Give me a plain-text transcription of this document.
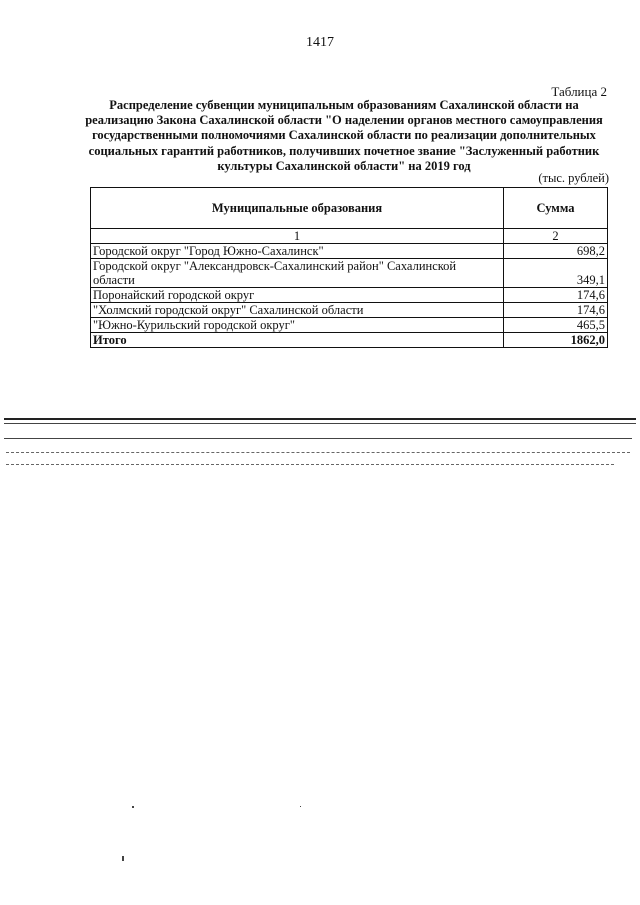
1417
Таблица 2
Распределение субвенции муниципальным образованиям Сахалинской области на реализацию Закона Сахалинской области "О наделении органов местного самоуправления государственными полномочиями Сахалинской области по реализации дополнительных социальных гарантий работников, получивших почетное звание "Заслуженный работник культуры Сахалинской области" на 2019 год
(тыс. рублей)
Муниципальные образования	Сумма
1	2
Городской округ "Город Южно-Сахалинск"	698,2
Городской округ "Александровск-Сахалинский район" Сахалинской области	349,1
Поронайский городской округ	174,6
"Холмский городской округ" Сахалинской области	174,6
"Южно-Курильский городской округ"	465,5
Итого	1862,0
